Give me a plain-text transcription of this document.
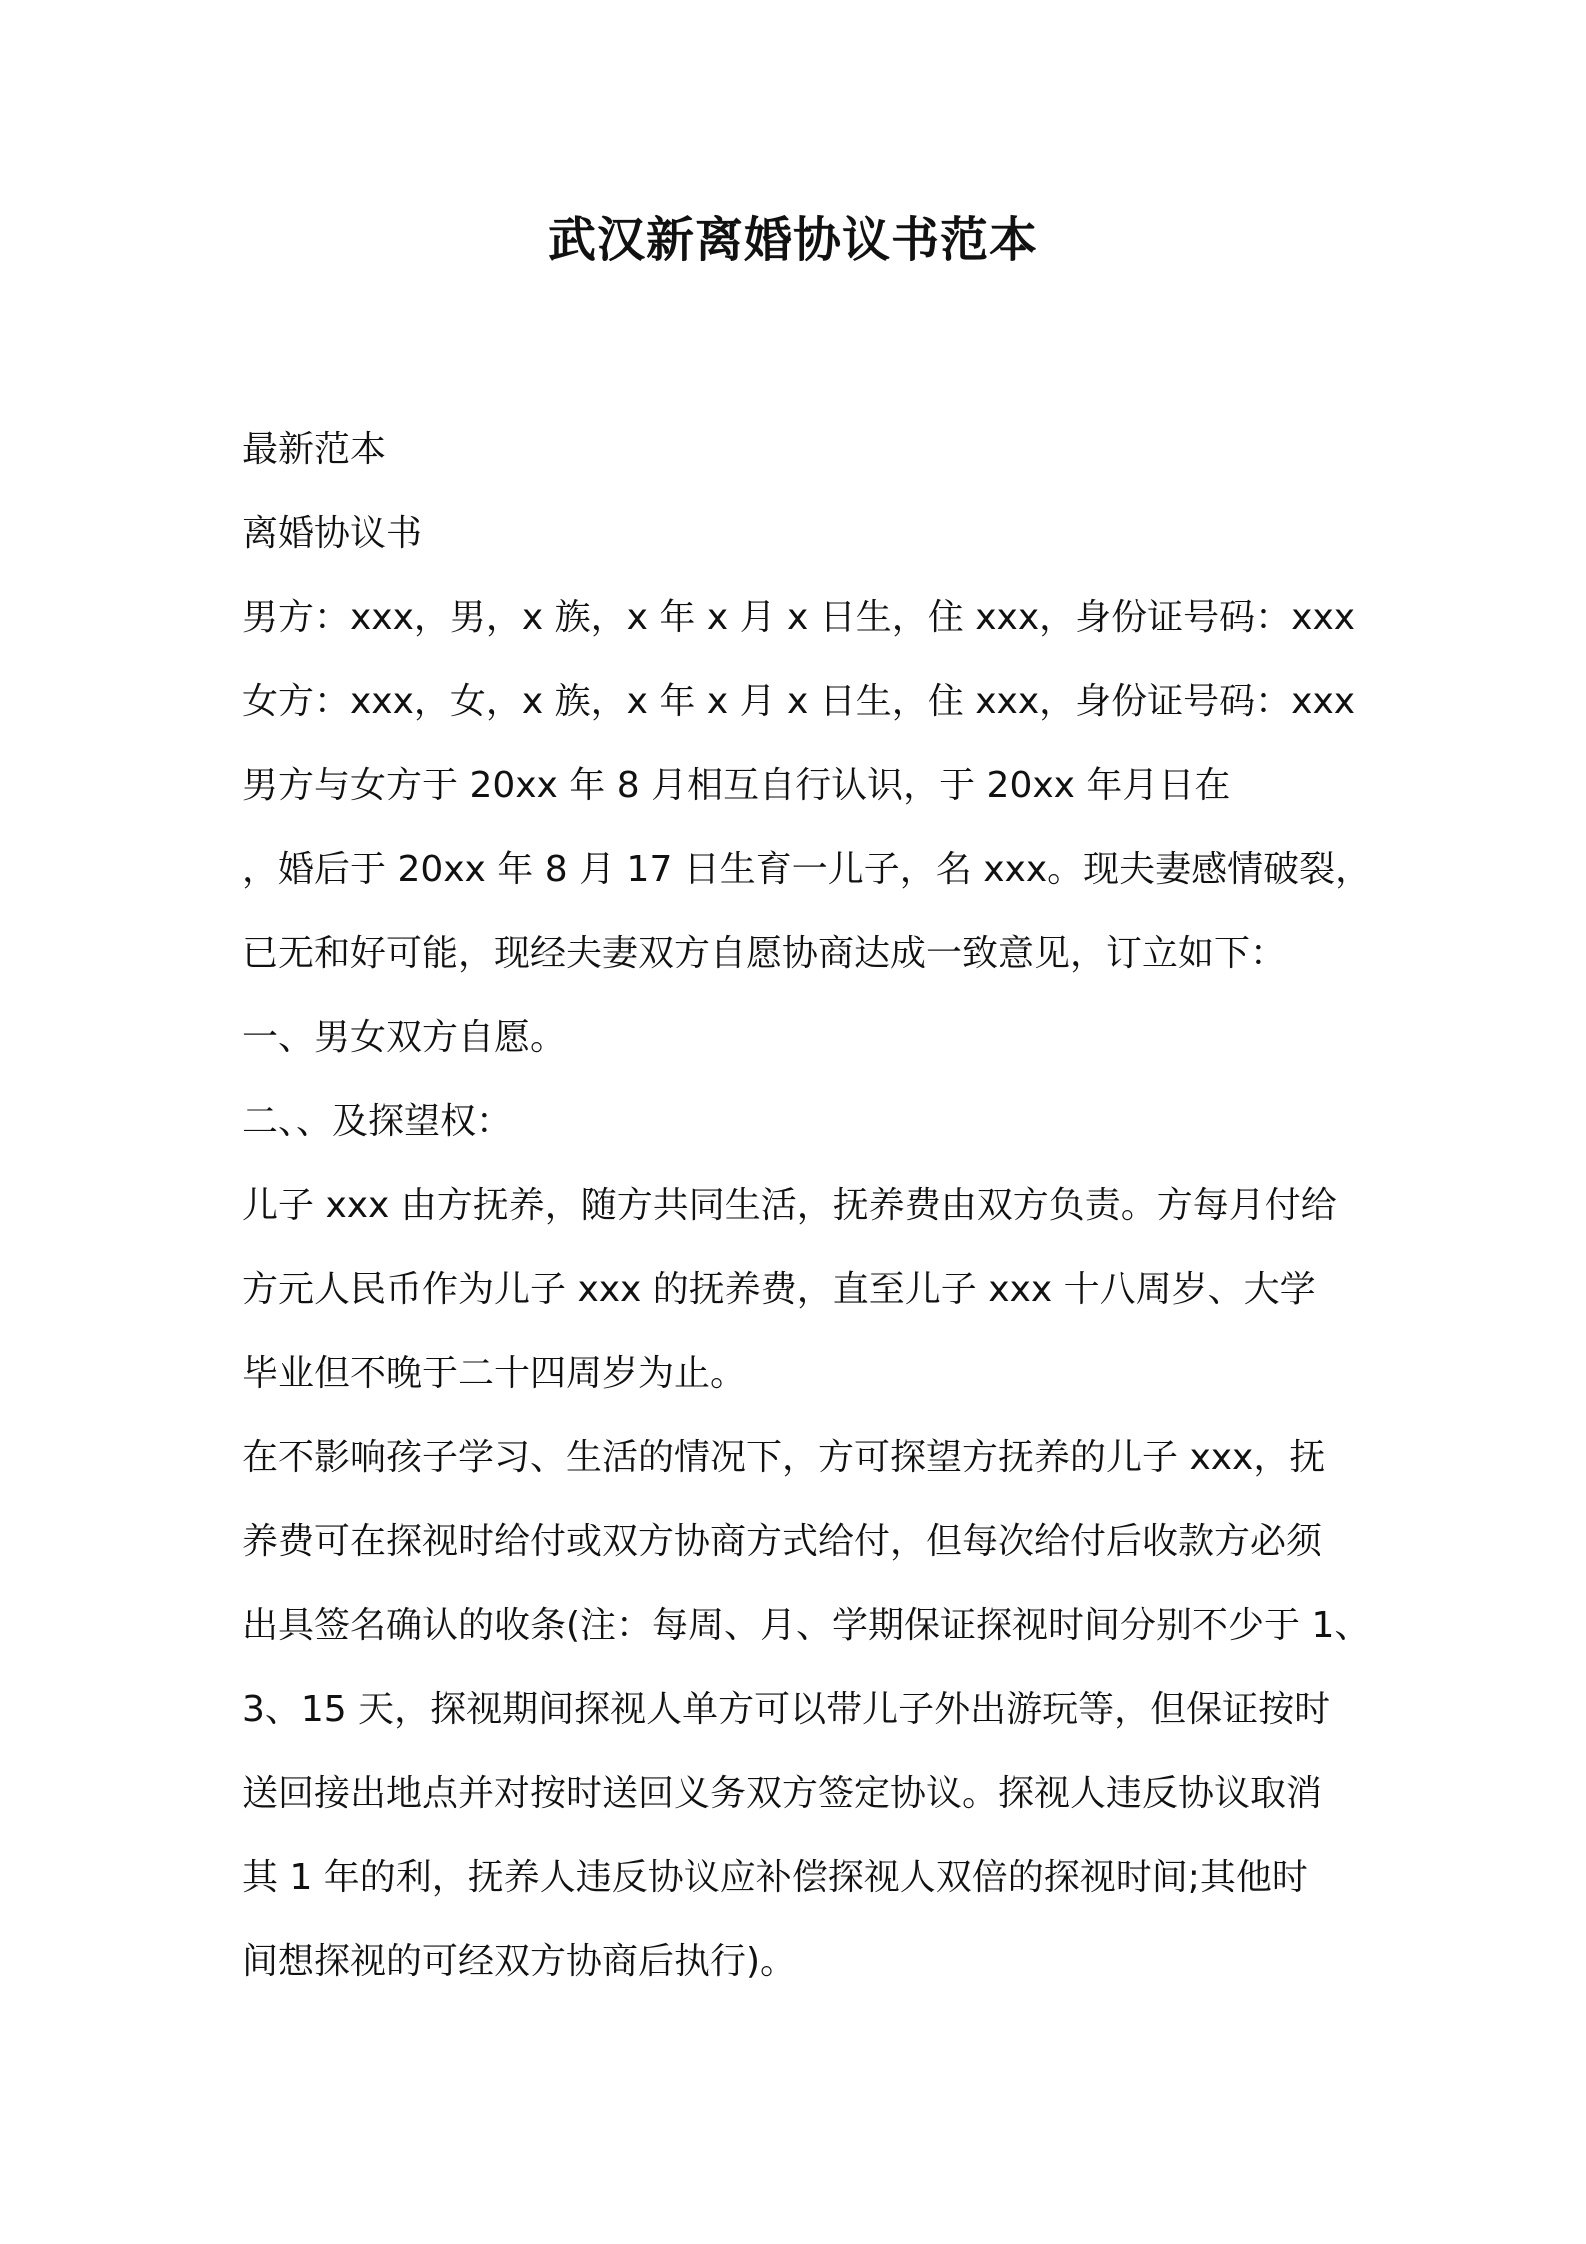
武汉新离婚协议书范本
最新范本
离婚协议书
男方：xxx，男，x 族，x 年 x 月 x 日生，住 xxx，身份证号码：xxx
女方：xxx，女，x 族，x 年 x 月 x 日生，住 xxx，身份证号码：xxx
男方与女方于 20xx 年 8 月相互自行认识，于 20xx 年月日在
，婚后于 20xx 年 8 月 17 日生育一儿子，名 xxx。现夫妻感情破裂，
已无和好可能，现经夫妻双方自愿协商达成一致意见，订立如下：
一、男女双方自愿。
二、、及探望权：
儿子 xxx 由方抚养，随方共同生活，抚养费由双方负责。方每月付给
方元人民币作为儿子 xxx 的抚养费，直至儿子 xxx 十八周岁、大学
毕业但不晚于二十四周岁为止。
在不影响孩子学习、生活的情况下，方可探望方抚养的儿子 xxx，抚
养费可在探视时给付或双方协商方式给付，但每次给付后收款方必须
出具签名确认的收条(注：每周、月、学期保证探视时间分别不少于 1、
3、15 天，探视期间探视人单方可以带儿子外出游玩等，但保证按时
送回接出地点并对按时送回义务双方签定协议。探视人违反协议取消
其 1 年的利，抚养人违反协议应补偿探视人双倍的探视时间;其他时
间想探视的可经双方协商后执行)。
